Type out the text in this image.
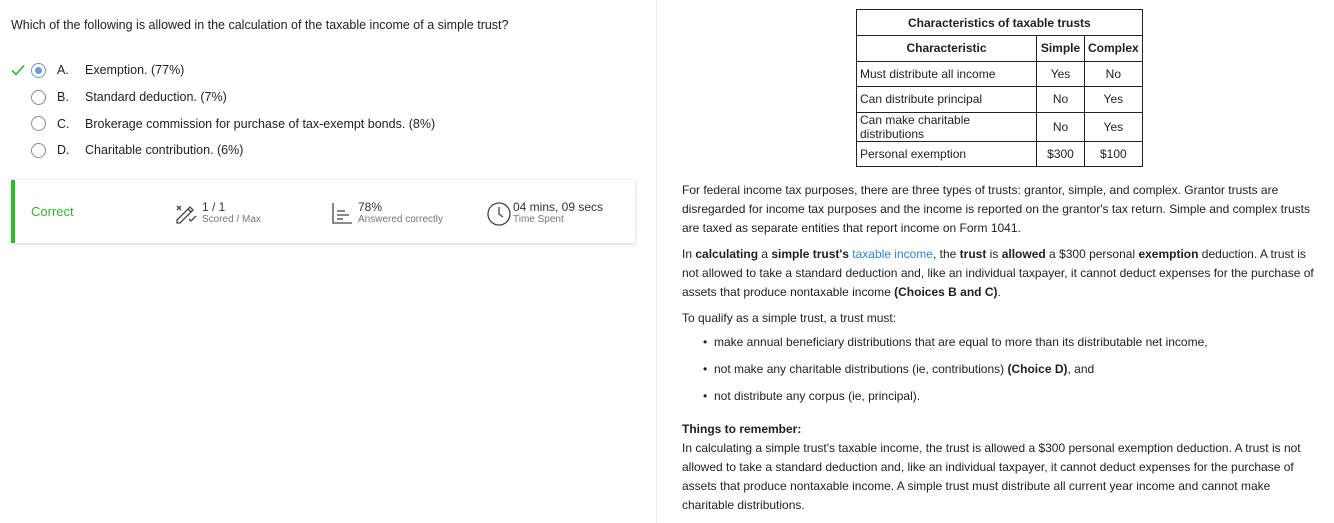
Which of the following is allowed in the calculation of the taxable income of a simple trust?
A. Exemption. (77%)
B. Standard deduction. (7%)
C. Brokerage commission for purchase of tax-exempt bonds. (8%)
D. Charitable contribution. (6%)
Correct	1 / 1
Scored / Max
78%
Answered correctly
04 mins, 09 secs
Time Spent
Characteristics of taxable trusts		
Characteristic	Simple	Complex
Must distribute all income	Yes	No
Can distribute principal	No	Yes
Can make charitable distributions	No	Yes
Personal exemption	$300	$100

For federal income tax purposes, there are three types of trusts: grantor, simple, and complex. Grantor trusts are disregarded for income tax purposes and the income is reported on the grantor's tax return. Simple and complex trusts are taxed as separate entities that report income on Form 1041.

In calculating a simple trust's taxable income, the trust is allowed a $300 personal exemption deduction. A trust is not allowed to take a standard deduction and, like an individual taxpayer, it cannot deduct expenses for the purchase of assets that produce nontaxable income (Choices B and C).

To qualify as a simple trust, a trust must:

make annual beneficiary distributions that are equal to more than its distributable net income,
not make any charitable distributions (ie, contributions) (Choice D), and
not distribute any corpus (ie, principal).

Things to remember:

In calculating a simple trust's taxable income, the trust is allowed a $300 personal exemption deduction. A trust is not allowed to take a standard deduction and, like an individual taxpayer, it cannot deduct expenses for the purchase of assets that produce nontaxable income. A simple trust must distribute all current year income and cannot make charitable distributions.
